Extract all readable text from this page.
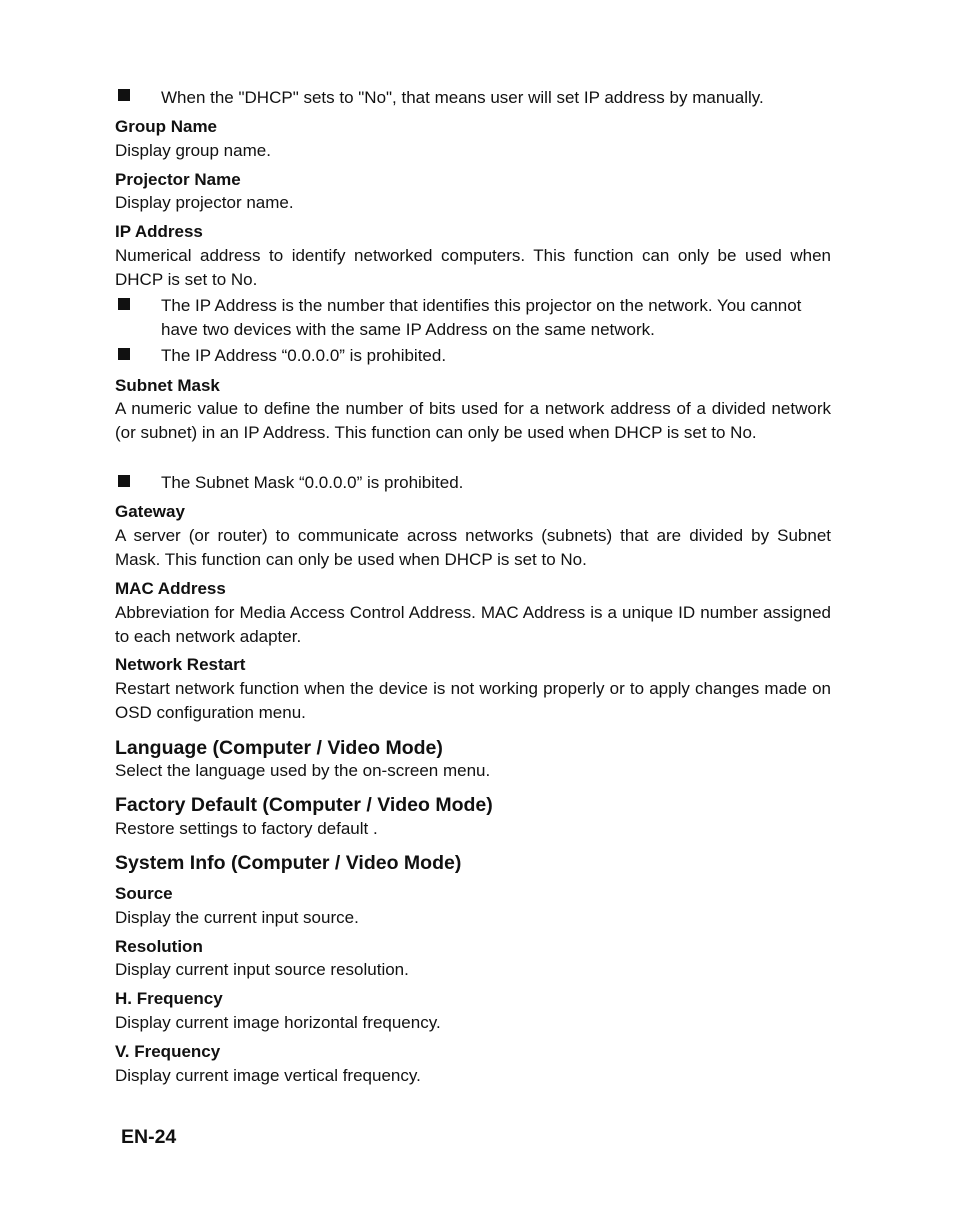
When the "DHCP" sets to "No", that means user will set IP address by manually.
Group Name
Display group name.
Projector Name
Display projector name.
IP Address
Numerical address to identify networked computers. This function can only be used when DHCP is set to No.
The IP Address is the number that identifies this projector on the network. You cannot have two devices with the same IP Address on the same network.
The IP Address “0.0.0.0” is prohibited.
Subnet Mask
A numeric value to define the number of bits used for a network address of a divided network (or subnet) in an IP Address. This function can only be used when DHCP is set to No.
The Subnet Mask “0.0.0.0” is prohibited.
Gateway
A server (or router) to communicate across networks (subnets) that are divided by Subnet Mask. This function can only be used when DHCP is set to No.
MAC Address
Abbreviation for Media Access Control Address. MAC Address is a unique ID number assigned to each network adapter.
Network Restart
Restart network function when the device is not working properly or to apply changes made on OSD configuration menu.
Language (Computer / Video Mode)
Select the language used by the on-screen menu.
Factory Default (Computer / Video Mode)
Restore settings to factory default .
System Info (Computer / Video Mode)
Source
Display the current input source.
Resolution
Display current input source resolution.
H. Frequency
Display current image horizontal frequency.
V. Frequency
Display current image vertical frequency.
EN-24
